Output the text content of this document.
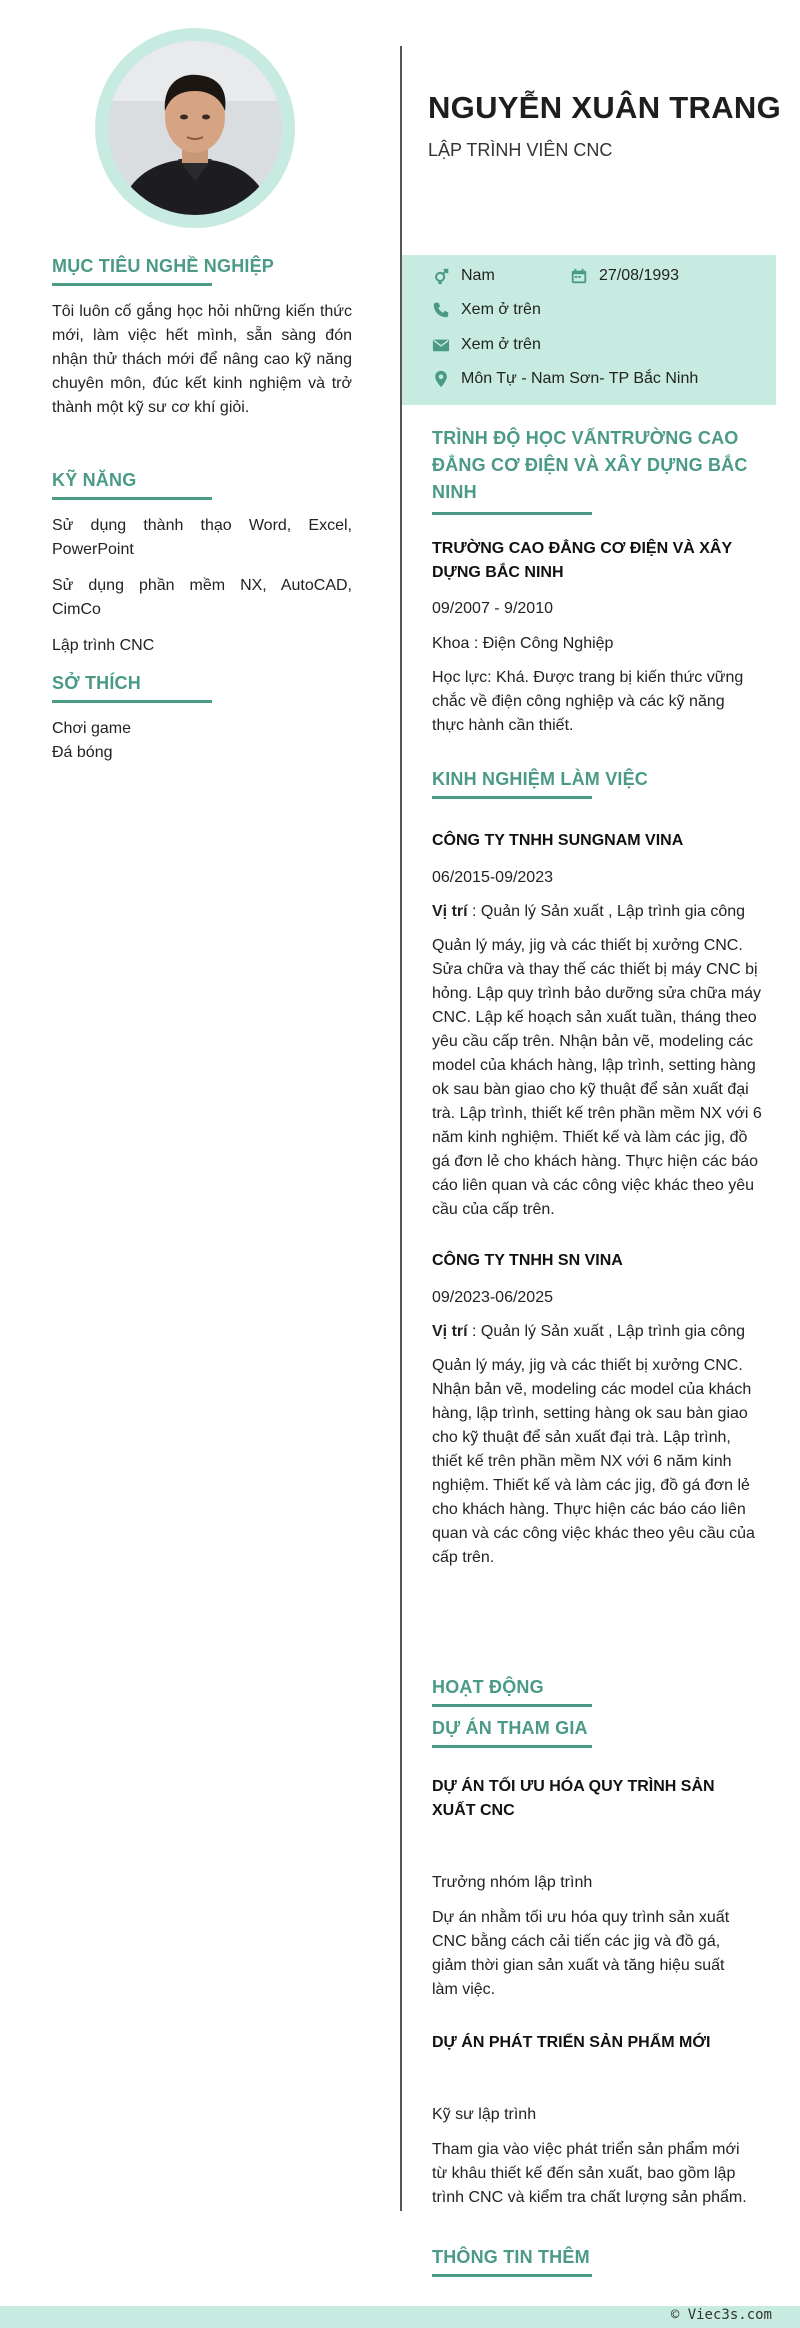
MỤC TIÊU NGHỀ NGHIỆP
Tôi luôn cố gắng học hỏi những kiến thức mới, làm việc hết mình, sẵn sàng đón nhận thử thách mới để nâng cao kỹ năng chuyên môn, đúc kết kinh nghiệm và trở thành một kỹ sư cơ khí giỏi.
KỸ NĂNG
Sử dụng thành thạo Word, Excel, PowerPoint
Sử dụng phần mềm NX, AutoCAD, CimCo
Lập trình CNC
SỞ THÍCH
Chơi game
Đá bóng
NGUYỄN XUÂN TRANG
LẬP TRÌNH VIÊN CNC
Nam	27/08/1993
Xem ở trên
Xem ở trên
Môn Tự - Nam Sơn- TP Bắc Ninh
TRÌNH ĐỘ HỌC VẤNTRƯỜNG CAO ĐẲNG CƠ ĐIỆN VÀ XÂY DỰNG BẮC NINH
TRƯỜNG CAO ĐẲNG CƠ ĐIỆN VÀ XÂY DỰNG BẮC NINH
09/2007 - 9/2010
Khoa : Điện Công Nghiệp
Học lực: Khá. Được trang bị kiến thức vững chắc về điện công nghiệp và các kỹ năng thực hành cần thiết.
KINH NGHIỆM LÀM VIỆC
CÔNG TY TNHH SUNGNAM VINA
06/2015-09/2023
Vị trí : Quản lý Sản xuất , Lập trình gia công
Quản lý máy, jig và các thiết bị xưởng CNC. Sửa chữa và thay thế các thiết bị máy CNC bị hỏng. Lập quy trình bảo dưỡng sửa chữa máy CNC. Lập kế hoạch sản xuất tuần, tháng theo yêu cầu cấp trên. Nhận bản vẽ, modeling các model của khách hàng, lập trình, setting hàng ok sau bàn giao cho kỹ thuật để sản xuất đại trà. Lập trình, thiết kế trên phần mềm NX với 6 năm kinh nghiệm. Thiết kế và làm các jig, đồ gá đơn lẻ cho khách hàng. Thực hiện các báo cáo liên quan và các công việc khác theo yêu cầu của cấp trên.
CÔNG TY TNHH SN VINA
09/2023-06/2025
Vị trí : Quản lý Sản xuất , Lập trình gia công
Quản lý máy, jig và các thiết bị xưởng CNC. Nhận bản vẽ, modeling các model của khách hàng, lập trình, setting hàng ok sau bàn giao cho kỹ thuật để sản xuất đại trà. Lập trình, thiết kế trên phần mềm NX với 6 năm kinh nghiệm. Thiết kế và làm các jig, đồ gá đơn lẻ cho khách hàng. Thực hiện các báo cáo liên quan và các công việc khác theo yêu cầu của cấp trên.
HOẠT ĐỘNG
DỰ ÁN THAM GIA
DỰ ÁN TỐI ƯU HÓA QUY TRÌNH SẢN XUẤT CNC
Trưởng nhóm lập trình
Dự án nhằm tối ưu hóa quy trình sản xuất CNC bằng cách cải tiến các jig và đồ gá, giảm thời gian sản xuất và tăng hiệu suất làm việc.
DỰ ÁN PHÁT TRIỂN SẢN PHẨM MỚI
Kỹ sư lập trình
Tham gia vào việc phát triển sản phẩm mới từ khâu thiết kế đến sản xuất, bao gồm lập trình CNC và kiểm tra chất lượng sản phẩm.
THÔNG TIN THÊM
© Viec3s.com
